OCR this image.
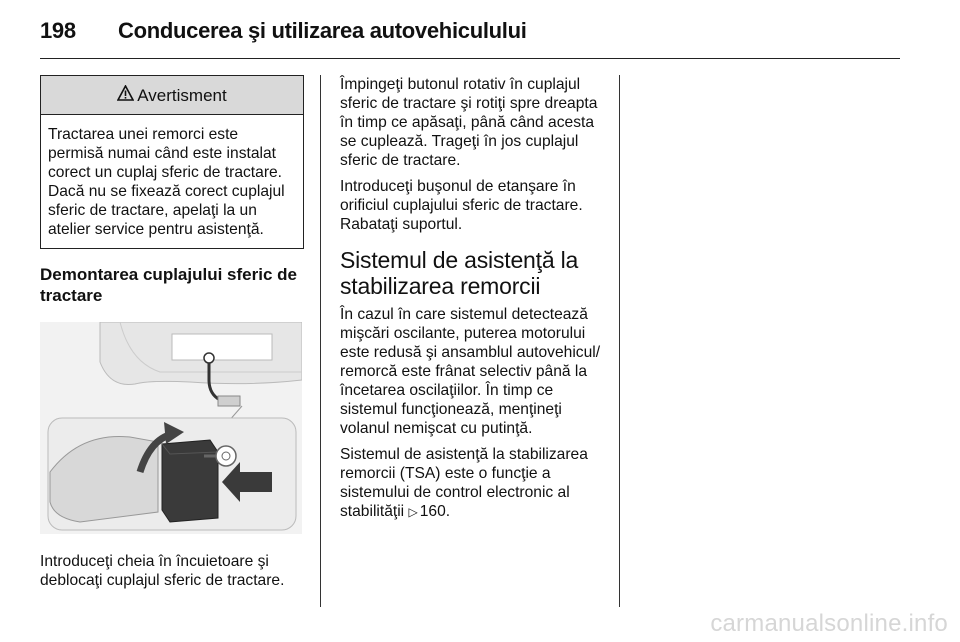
198 Conducerea şi utilizarea autovehiculului
Avertisment
Tractarea unei remorci este permisă numai când este instalat corect un cuplaj sferic de tractare. Dacă nu se fixează corect cuplajul sferic de tractare, apelaţi la un atelier service pentru asistenţă.
Demontarea cuplajului sferic de tractare
Introduceţi cheia în încuietoare şi deblocaţi cuplajul sferic de tractare.

Împingeţi butonul rotativ în cuplajul sferic de tractare şi rotiţi spre dreapta în timp ce apăsaţi, până când acesta se cuplează. Trageţi în jos cuplajul sferic de tractare.

Introduceţi buşonul de etanşare în orificiul cuplajului sferic de tractare. Rabataţi suportul.

Sistemul de asistenţă la stabilizarea remorcii

În cazul în care sistemul detectează mişcări oscilante, puterea motorului este redusă şi ansamblul autovehicul/ remorcă este frânat selectiv până la încetarea oscilaţiilor. În timp ce sistemul funcţionează, menţineţi volanul nemişcat cu putinţă.

Sistemul de asistenţă la stabilizarea remorcii (TSA) este o funcţie a sistemului de control electronic al stabilităţii ▷ 160.

carmanualsonline.info
